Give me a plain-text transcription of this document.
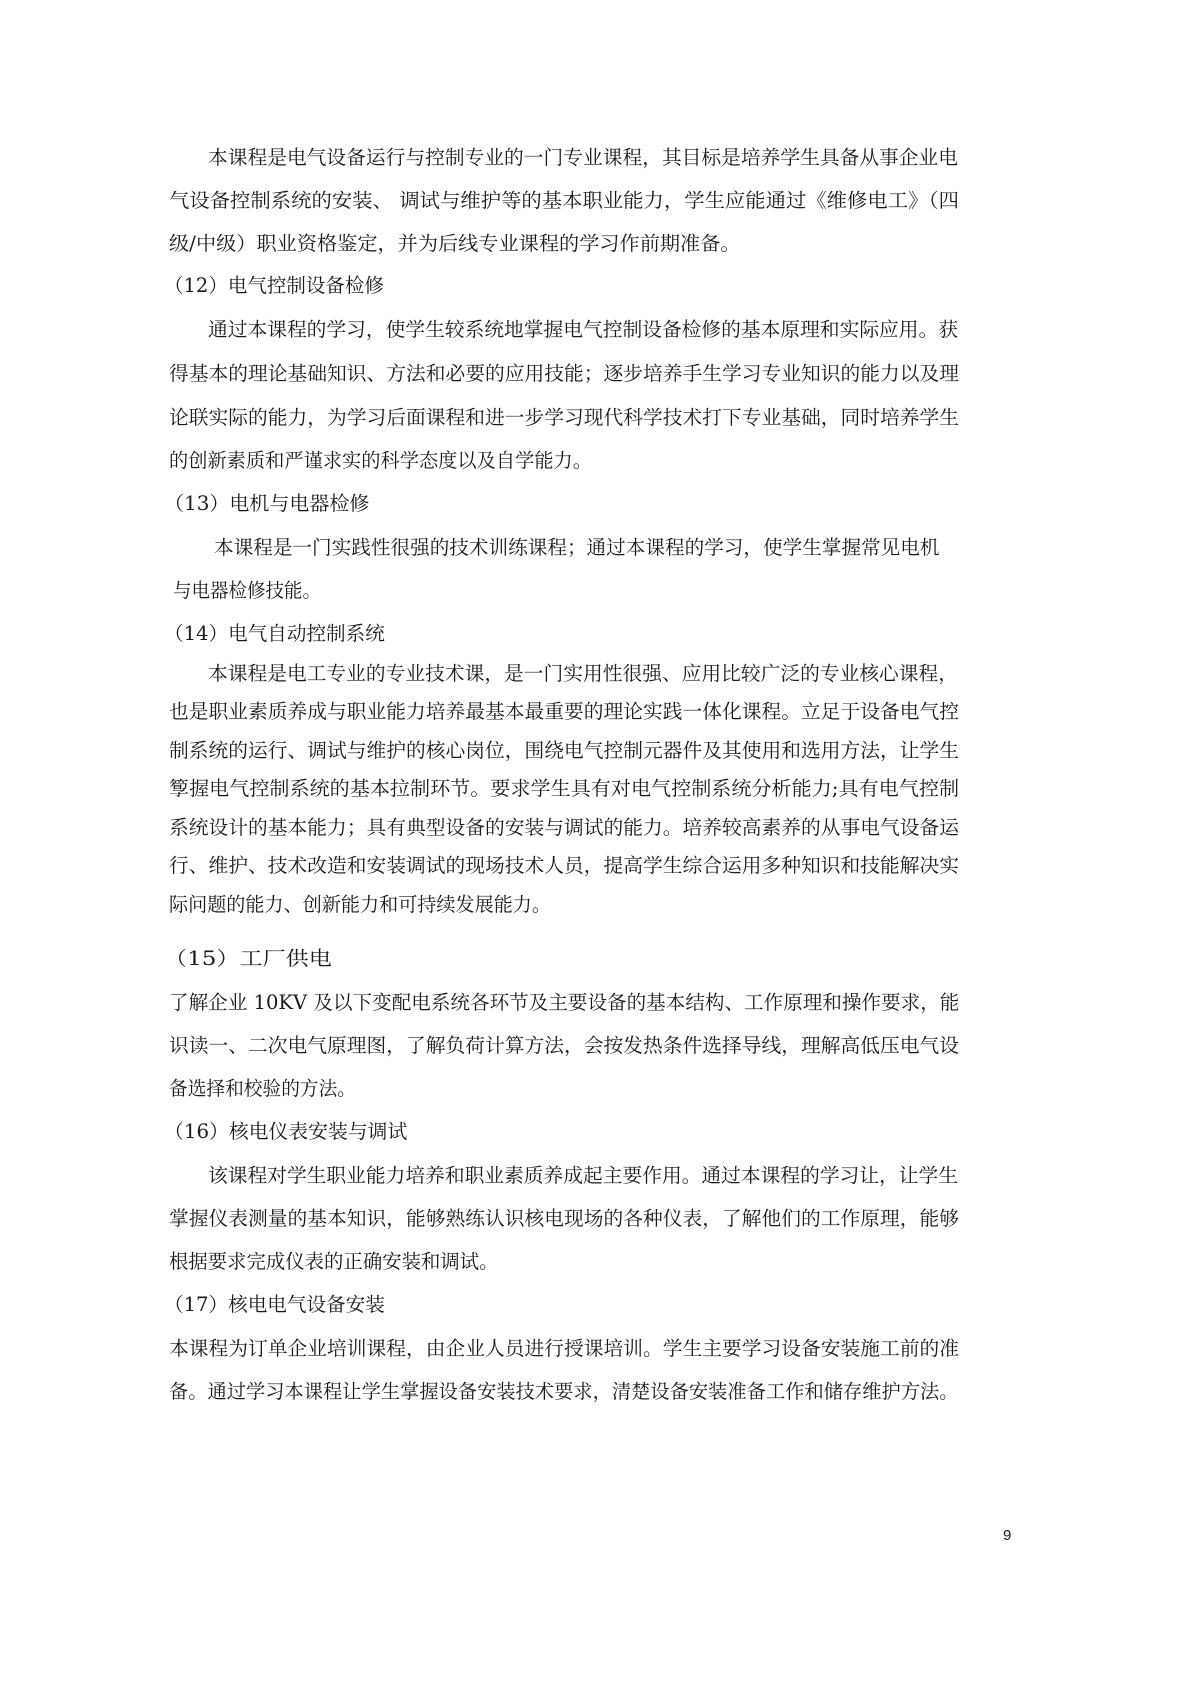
本课程是电气设备运行与控制专业的一门专业课程，其目标是培养学生具备从事企业电
气设备控制系统的安装、 调试与维护等的基本职业能力，学生应能通过《维修电工》（四
级/中级）职业资格鉴定，并为后线专业课程的学习作前期准备。
（12）电气控制设备检修
通过本课程的学习，使学生较系统地掌握电气控制设备检修的基本原理和实际应用。获
得基本的理论基础知识、方法和必要的应用技能；逐步培养手生学习专业知识的能力以及理
论联实际的能力，为学习后面课程和进一步学习现代科学技术打下专业基础，同时培养学生
的创新素质和严谨求实的科学态度以及自学能力。
（13）电机与电器检修
本课程是一门实践性很强的技术训练课程；通过本课程的学习，使学生掌握常见电机
与电器检修技能。
（14）电气自动控制系统
本课程是电工专业的专业技术课，是一门实用性很强、应用比较广泛的专业核心课程，
也是职业素质养成与职业能力培养最基本最重要的理论实践一体化课程。立足于设备电气控
制系统的运行、调试与维护的核心岗位，围绕电气控制元器件及其使用和选用方法，让学生
箰握电气控制系统的基本拉制环节。要求学生具有对电气控制系统分析能力;具有电气控制
系统设计的基本能力；具有典型设备的安装与调试的能力。培养较高素养的从事电气设备运
行、维护、技术改造和安装调试的现场技术人员，提高学生综合运用多种知识和技能解决实
际问题的能力、创新能力和可持续发展能力。
（15）工厂供电
了解企业 10KV 及以下变配电系统各环节及主要设备的基本结构、工作原理和操作要求，能
识读一、二次电气原理图，了解负荷计算方法，会按发热条件选择导线，理解高低压电气设
备选择和校验的方法。
（16）核电仪表安装与调试
该课程对学生职业能力培养和职业素质养成起主要作用。通过本课程的学习让，让学生
掌握仪表测量的基本知识，能够熟练认识核电现场的各种仪表，了解他们的工作原理，能够
根据要求完成仪表的正确安装和调试。
（17）核电电气设备安装
本课程为订单企业培训课程，由企业人员进行授课培训。学生主要学习设备安装施工前的准
备。通过学习本课程让学生掌握设备安装技术要求，清楚设备安装准备工作和储存维护方法。
9
